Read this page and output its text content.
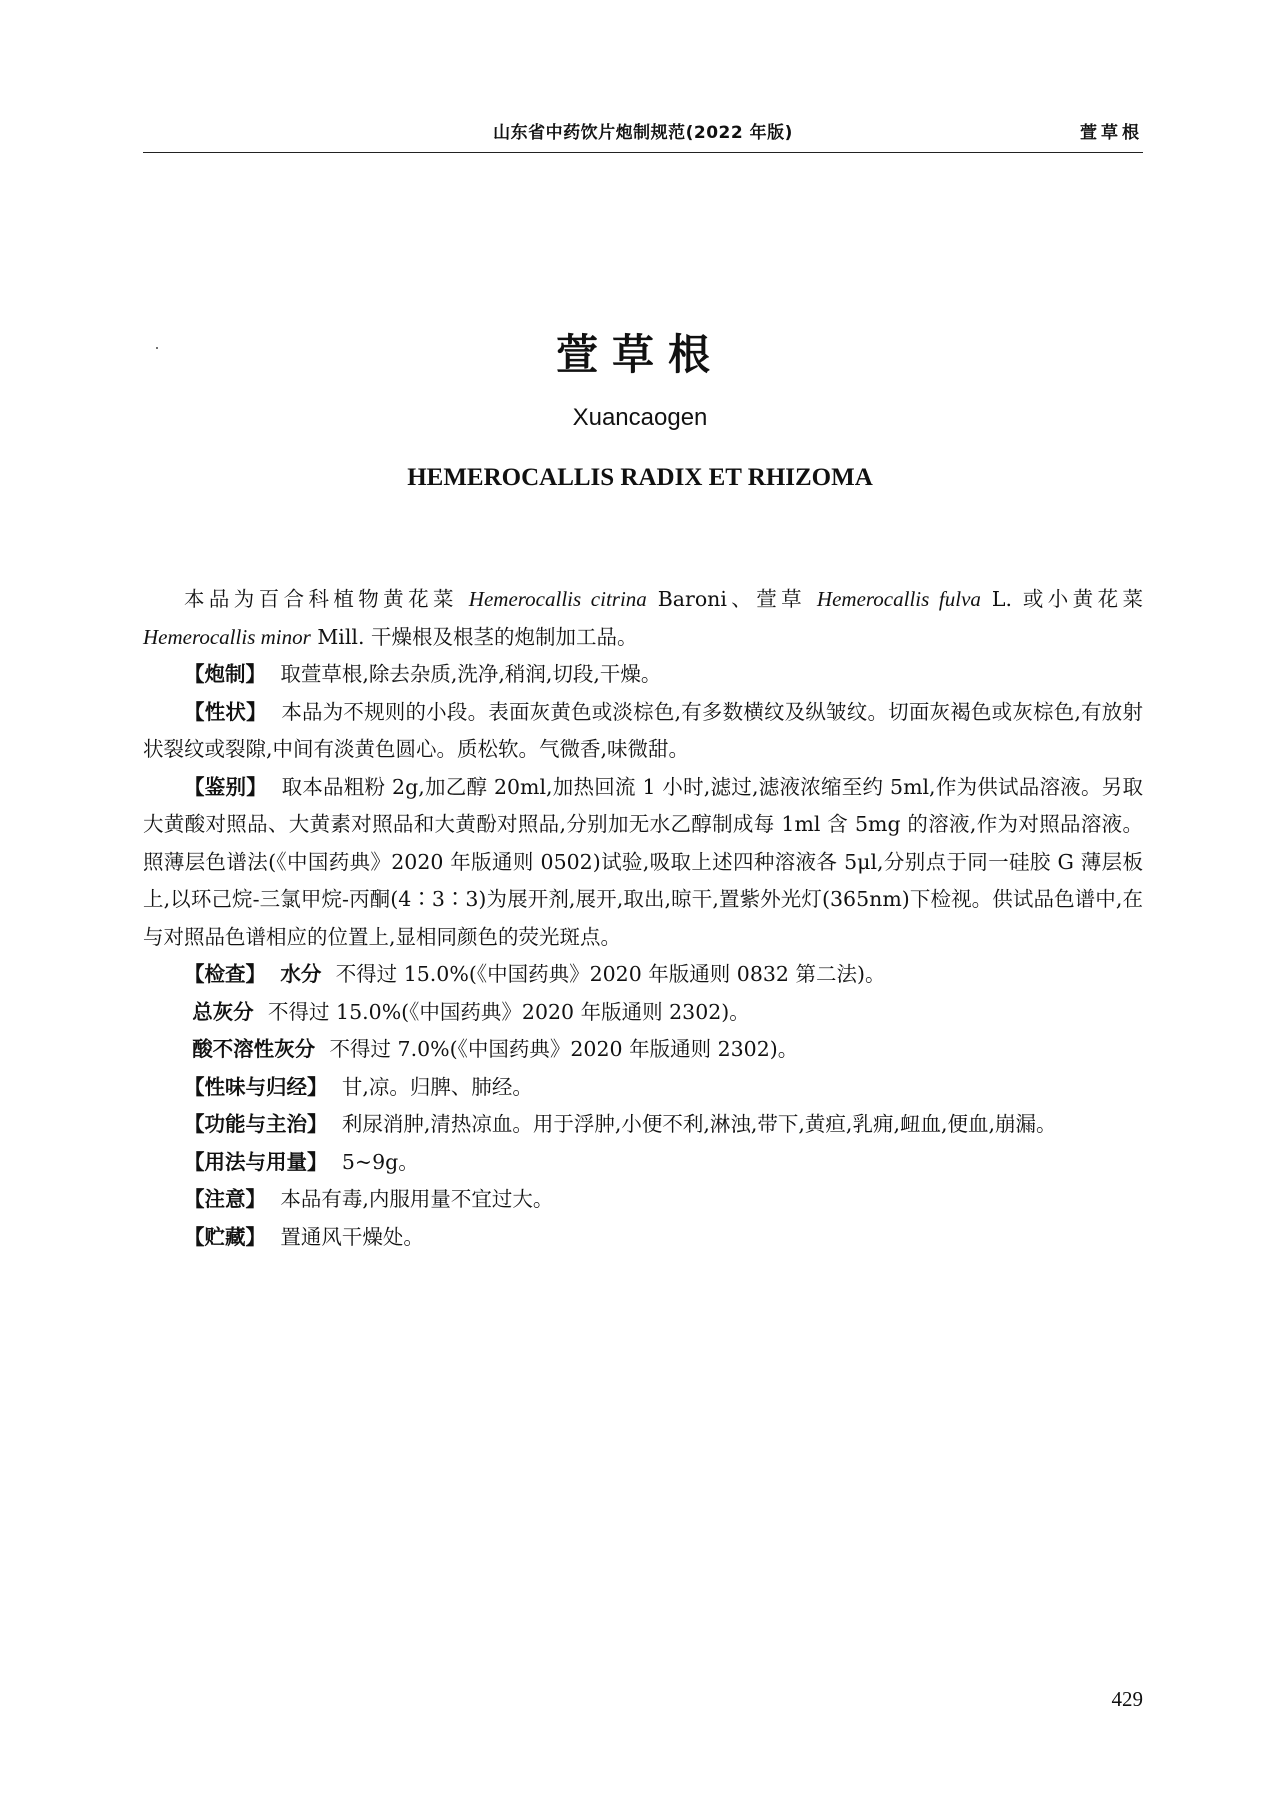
山东省中药饮片炮制规范(2022 年版)	萱草根
萱草根
Xuancaogen
HEMEROCALLIS RADIX ET RHIZOMA

本品为百合科植物黄花菜 Hemerocallis citrina Baroni、萱草 Hemerocallis fulva L. 或小黄花菜 Hemerocallis minor Mill. 干燥根及根茎的炮制加工品。

【炮制】 取萱草根,除去杂质,洗净,稍润,切段,干燥。

【性状】 本品为不规则的小段。表面灰黄色或淡棕色,有多数横纹及纵皱纹。切面灰褐色或灰棕色,有放射状裂纹或裂隙,中间有淡黄色圆心。质松软。气微香,味微甜。

【鉴别】 取本品粗粉 2g,加乙醇 20ml,加热回流 1 小时,滤过,滤液浓缩至约 5ml,作为供试品溶液。另取大黄酸对照品、大黄素对照品和大黄酚对照品,分别加无水乙醇制成每 1ml 含 5mg 的溶液,作为对照品溶液。照薄层色谱法(《中国药典》2020 年版通则 0502)试验,吸取上述四种溶液各 5μl,分别点于同一硅胶 G 薄层板上,以环己烷-三氯甲烷-丙酮(4∶3∶3)为展开剂,展开,取出,晾干,置紫外光灯(365nm)下检视。供试品色谱中,在与对照品色谱相应的位置上,显相同颜色的荧光斑点。

【检查】 水分 不得过 15.0%(《中国药典》2020 年版通则 0832 第二法)。

总灰分 不得过 15.0%(《中国药典》2020 年版通则 2302)。

酸不溶性灰分 不得过 7.0%(《中国药典》2020 年版通则 2302)。

【性味与归经】 甘,凉。归脾、肺经。

【功能与主治】 利尿消肿,清热凉血。用于浮肿,小便不利,淋浊,带下,黄疸,乳痈,衄血,便血,崩漏。

【用法与用量】 5~9g。

【注意】 本品有毒,内服用量不宜过大。

【贮藏】 置通风干燥处。

429
